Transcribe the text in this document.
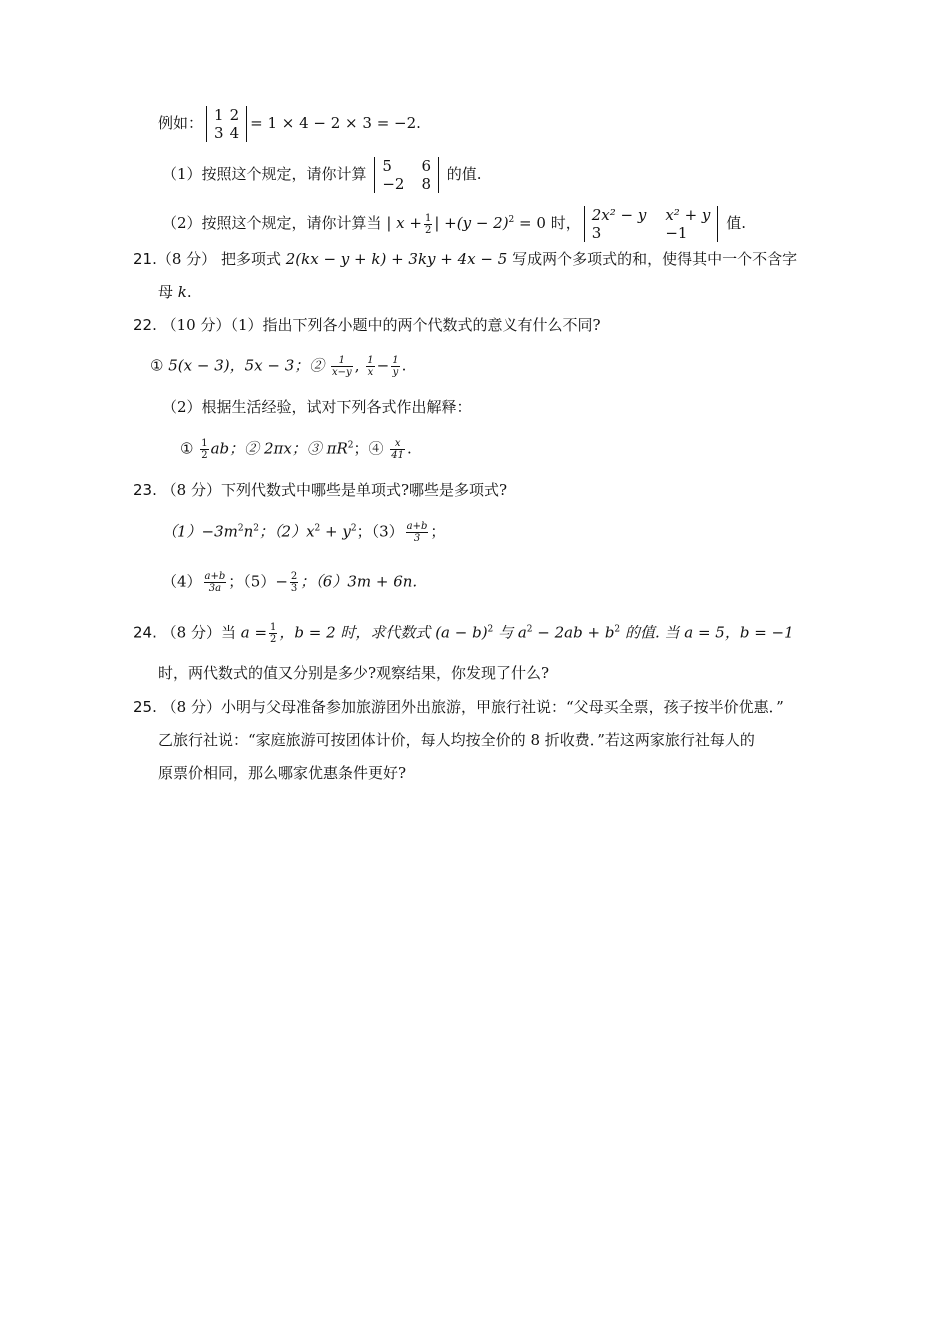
例如： 1	2
3	4
= 1 × 4 − 2 × 3 = −2.
（1）按照这个规定，请你计算 5	6
−2	8
的值.
（2）按照这个规定，请你计算当 | $x + \frac{1}{2}$ | $+(y - 2)^2 = 0$ 时， 2x² − y	x² + y
3	−1
值.
21.（8 分） 把多项式 2(kx − y + k) + 3ky + 4x − 5 写成两个多项式的和，使得其中一个不含字
母 k.
22. （10 分）（1）指出下列各小题中的两个代数式的意义有什么不同?
① 5(x − 3)，5x − 3；② $\frac{1}{x-y}$ , $\frac{1}{x} - \frac{1}{y}$ .
（2）根据生活经验，试对下列各式作出解释：
① $\frac{1}{2}$ ab；② 2πx；③ $\pi R^2$；④ $\frac{x}{41}$ .
23. （8 分）下列代数式中哪些是单项式?哪些是多项式?
$(1)-3m^2n^2$；$(2)x^2 + y^2$；$(3) \frac{a+b}{3}$ ；
$(4) \frac{a+b}{3a}$ ；$(5)- \frac{2}{3}$ ；（6）3m + 6n.
24. （8 分）当 $a = \frac{1}{2}$ ，b = 2 时，求代数式 $(a - b)^2$ 与 $a^2 - 2ab + b^2$ 的值. 当 a = 5，b = −1
时，两代数式的值又分别是多少?观察结果，你发现了什么?
25. （8 分）小明与父母准备参加旅游团外出旅游，甲旅行社说：“父母买全票，孩子按半价优惠．”
乙旅行社说：“家庭旅游可按团体计价，每人均按全价的 8 折收费．”若这两家旅行社每人的
原票价相同，那么哪家优惠条件更好?
